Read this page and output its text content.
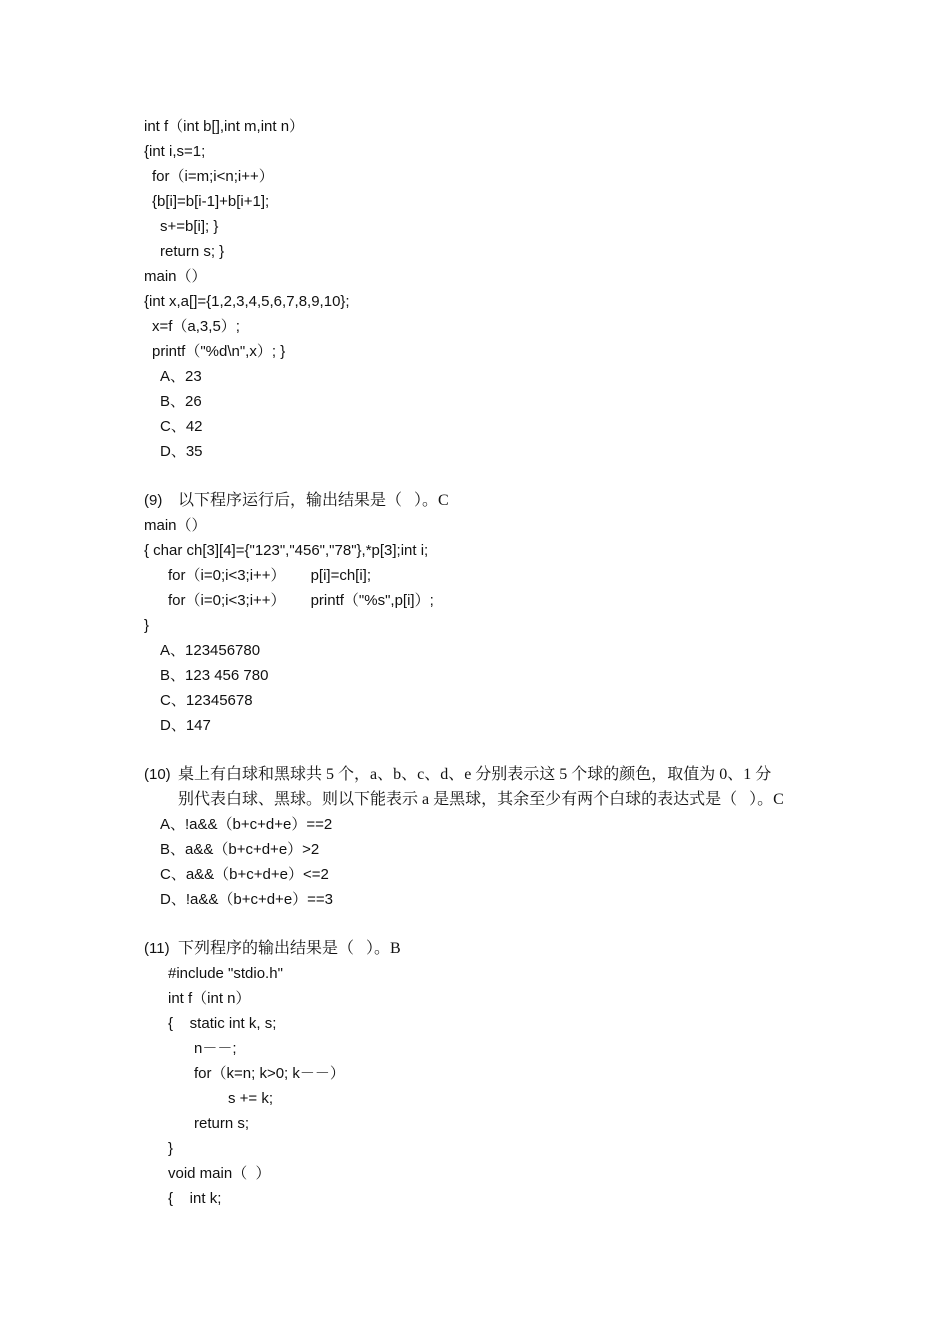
int f（int b[],int m,int n）
{int i,s=1;
for（i=m;i<n;i++）
{b[i]=b[i-1]+b[i+1];
s+=b[i]; }
return s; }
main（）
{int x,a[]={1,2,3,4,5,6,7,8,9,10};
x=f（a,3,5）;
printf（"%d\n",x）; }
A、23
B、26
C、42
D、35
(9) 以下程序运行后，输出结果是（   ）。C
main（）
{ char ch[3][4]={"123","456","78"},*p[3];int i;
for（i=0;i<3;i++）      p[i]=ch[i];
for（i=0;i<3;i++）      printf（"%s",p[i]）;
}
A、123456780
B、123 456 780
C、12345678
D、147
(10) 桌上有白球和黑球共 5 个，a、b、c、d、e 分别表示这 5 个球的颜色，取值为 0、1 分
别代表白球、黑球。则以下能表示 a 是黑球，其余至少有两个白球的表达式是（   ）。C
A、!a&&（b+c+d+e）==2
B、a&&（b+c+d+e）>2
C、a&&（b+c+d+e）<=2
D、!a&&（b+c+d+e）==3
(11) 下列程序的输出结果是（   ）。B
#include "stdio.h"
int f（int n）
{    static int k, s;
n－－;
for（k=n; k>0; k－－）
s += k;
return s;
}
void main（  ）
{    int k;
